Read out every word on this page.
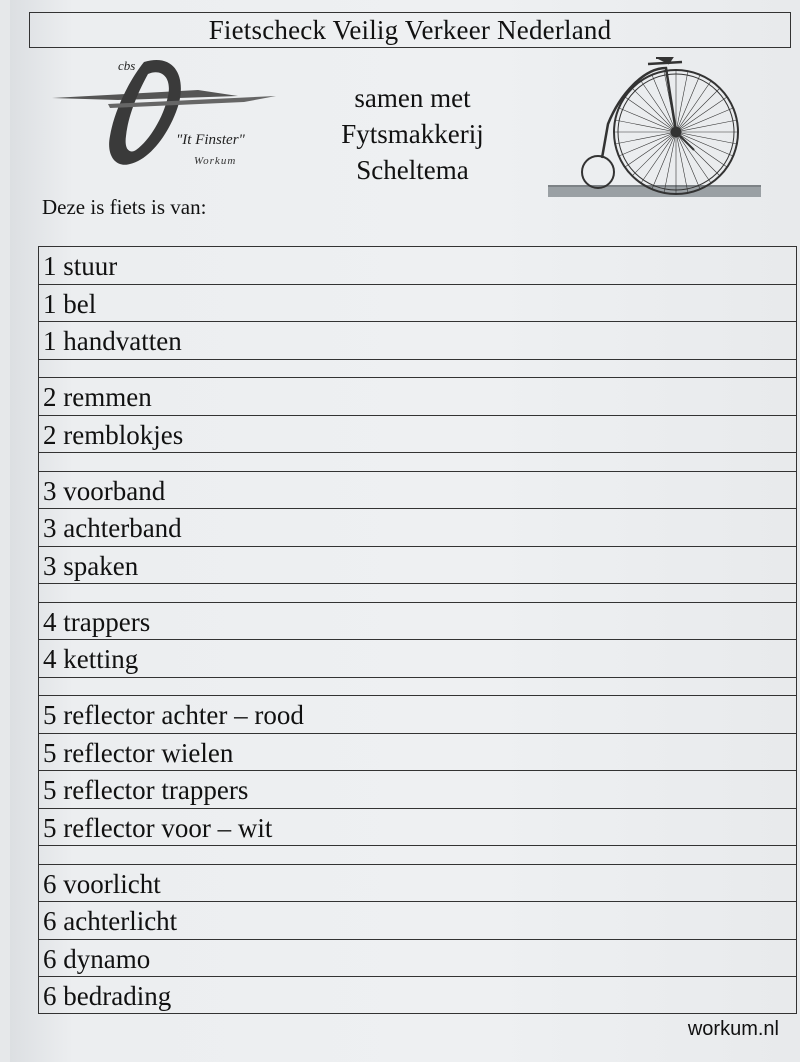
Fietscheck Veilig Verkeer Nederland
cbs
"It Finster"
Workum
samen met
Fytsmakkerij
Scheltema
Deze is fiets is van:
1 stuur
1 bel
1 handvatten
2 remmen
2 remblokjes
3 voorband
3 achterband
3 spaken
4 trappers
4 ketting
5 reflector achter – rood
5 reflector wielen
5 reflector trappers
5 reflector voor – wit
6 voorlicht
6 achterlicht
6 dynamo
6 bedrading
workum.nl
